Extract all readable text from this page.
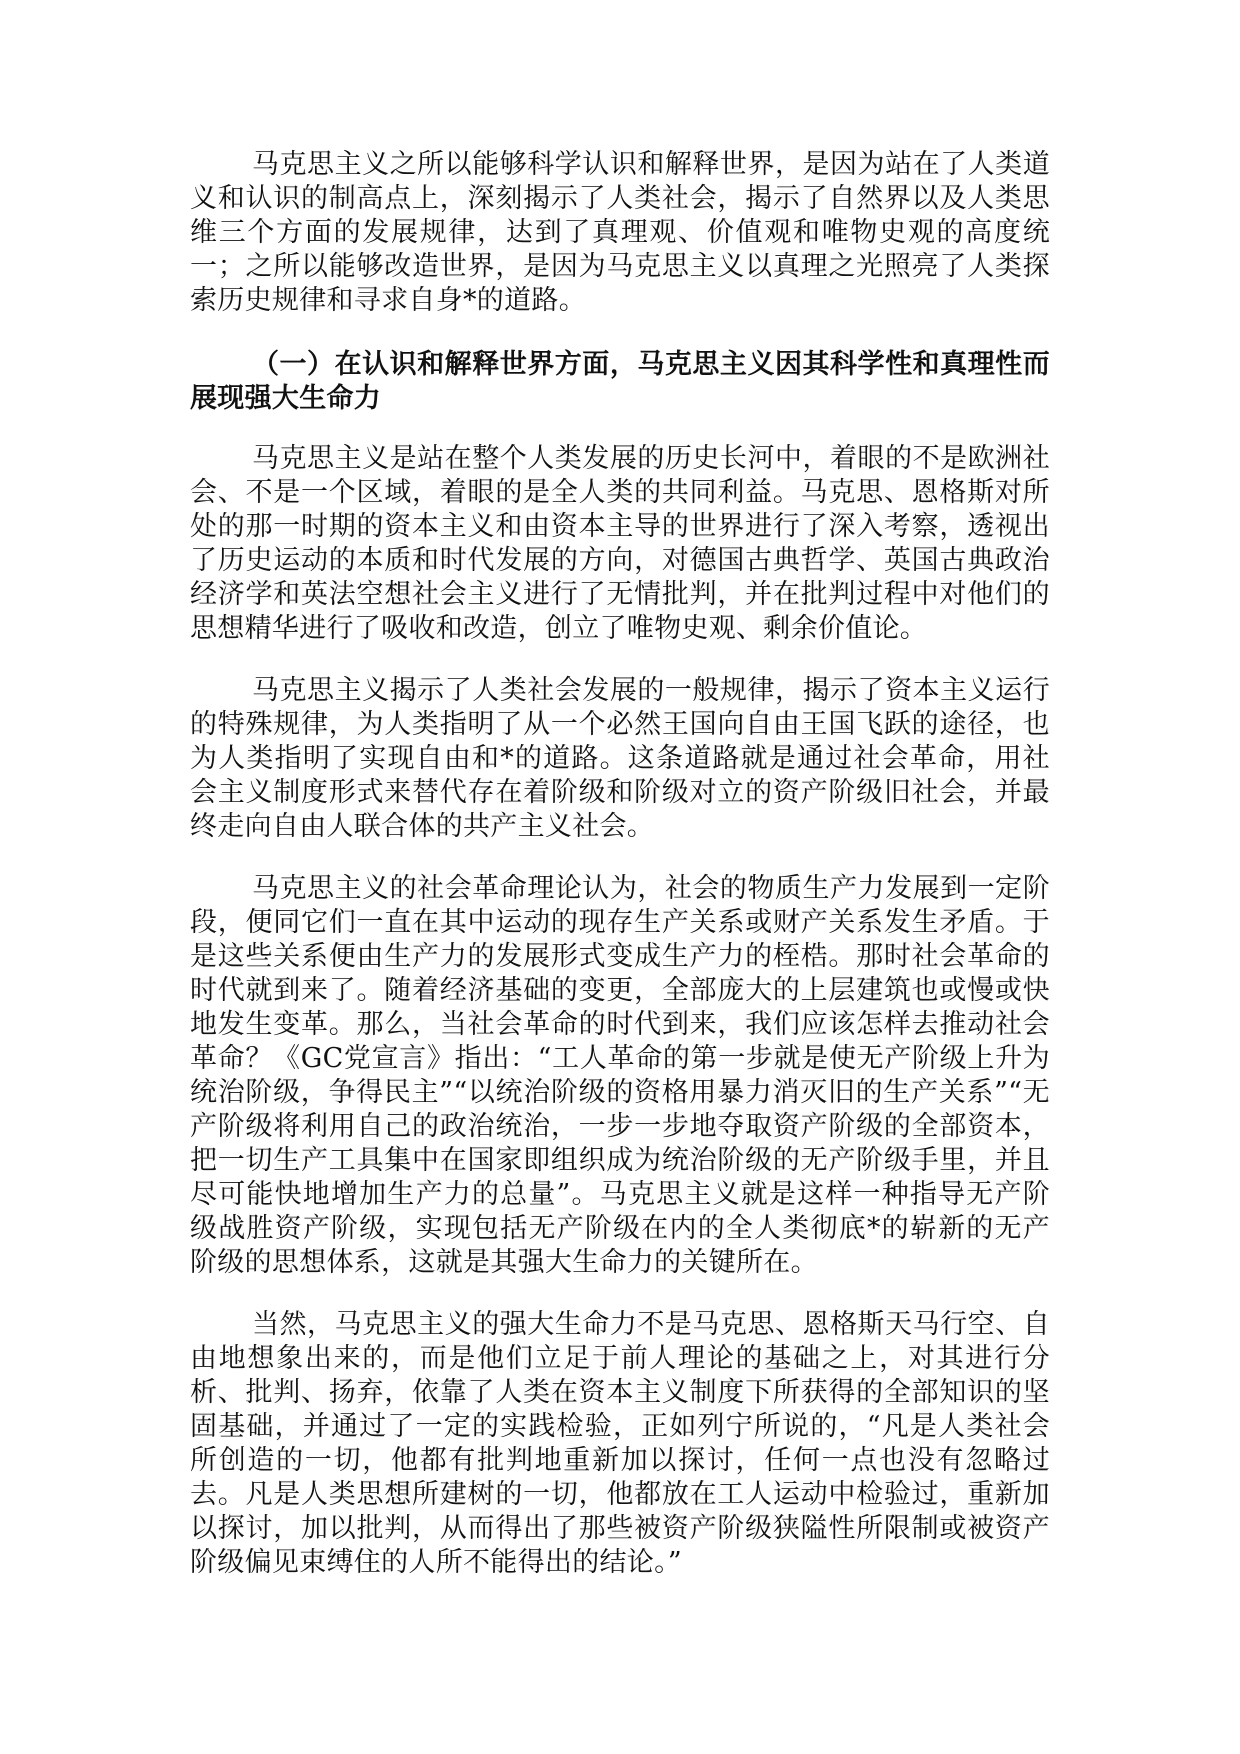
马克思主义之所以能够科学认识和解释世界，是因为站在了人类道义和认识的制高点上，深刻揭示了人类社会，揭示了自然界以及人类思维三个方面的发展规律，达到了真理观、价值观和唯物史观的高度统一；之所以能够改造世界，是因为马克思主义以真理之光照亮了人类探索历史规律和寻求自身*的道路。

（一）在认识和解释世界方面，马克思主义因其科学性和真理性而展现强大生命力

马克思主义是站在整个人类发展的历史长河中，着眼的不是欧洲社会、不是一个区域，着眼的是全人类的共同利益。马克思、恩格斯对所处的那一时期的资本主义和由资本主导的世界进行了深入考察，透视出了历史运动的本质和时代发展的方向，对德国古典哲学、英国古典政治经济学和英法空想社会主义进行了无情批判，并在批判过程中对他们的思想精华进行了吸收和改造，创立了唯物史观、剩余价值论。

马克思主义揭示了人类社会发展的一般规律，揭示了资本主义运行的特殊规律，为人类指明了从一个必然王国向自由王国飞跃的途径，也为人类指明了实现自由和*的道路。这条道路就是通过社会革命，用社会主义制度形式来替代存在着阶级和阶级对立的资产阶级旧社会，并最终走向自由人联合体的共产主义社会。

马克思主义的社会革命理论认为，社会的物质生产力发展到一定阶段，便同它们一直在其中运动的现存生产关系或财产关系发生矛盾。于是这些关系便由生产力的发展形式变成生产力的桎梏。那时社会革命的时代就到来了。随着经济基础的变更，全部庞大的上层建筑也或慢或快地发生变革。那么，当社会革命的时代到来，我们应该怎样去推动社会革命？《GC党宣言》指出：“工人革命的第一步就是使无产阶级上升为统治阶级，争得民主”“以统治阶级的资格用暴力消灭旧的生产关系”“无产阶级将利用自己的政治统治，一步一步地夺取资产阶级的全部资本，把一切生产工具集中在国家即组织成为统治阶级的无产阶级手里，并且尽可能快地增加生产力的总量”。马克思主义就是这样一种指导无产阶级战胜资产阶级，实现包括无产阶级在内的全人类彻底*的崭新的无产阶级的思想体系，这就是其强大生命力的关键所在。

当然，马克思主义的强大生命力不是马克思、恩格斯天马行空、自由地想象出来的，而是他们立足于前人理论的基础之上，对其进行分析、批判、扬弃，依靠了人类在资本主义制度下所获得的全部知识的坚固基础，并通过了一定的实践检验，正如列宁所说的，“凡是人类社会所创造的一切，他都有批判地重新加以探讨，任何一点也没有忽略过去。凡是人类思想所建树的一切，他都放在工人运动中检验过，重新加以探讨，加以批判，从而得出了那些被资产阶级狭隘性所限制或被资产阶级偏见束缚住的人所不能得出的结论。”
